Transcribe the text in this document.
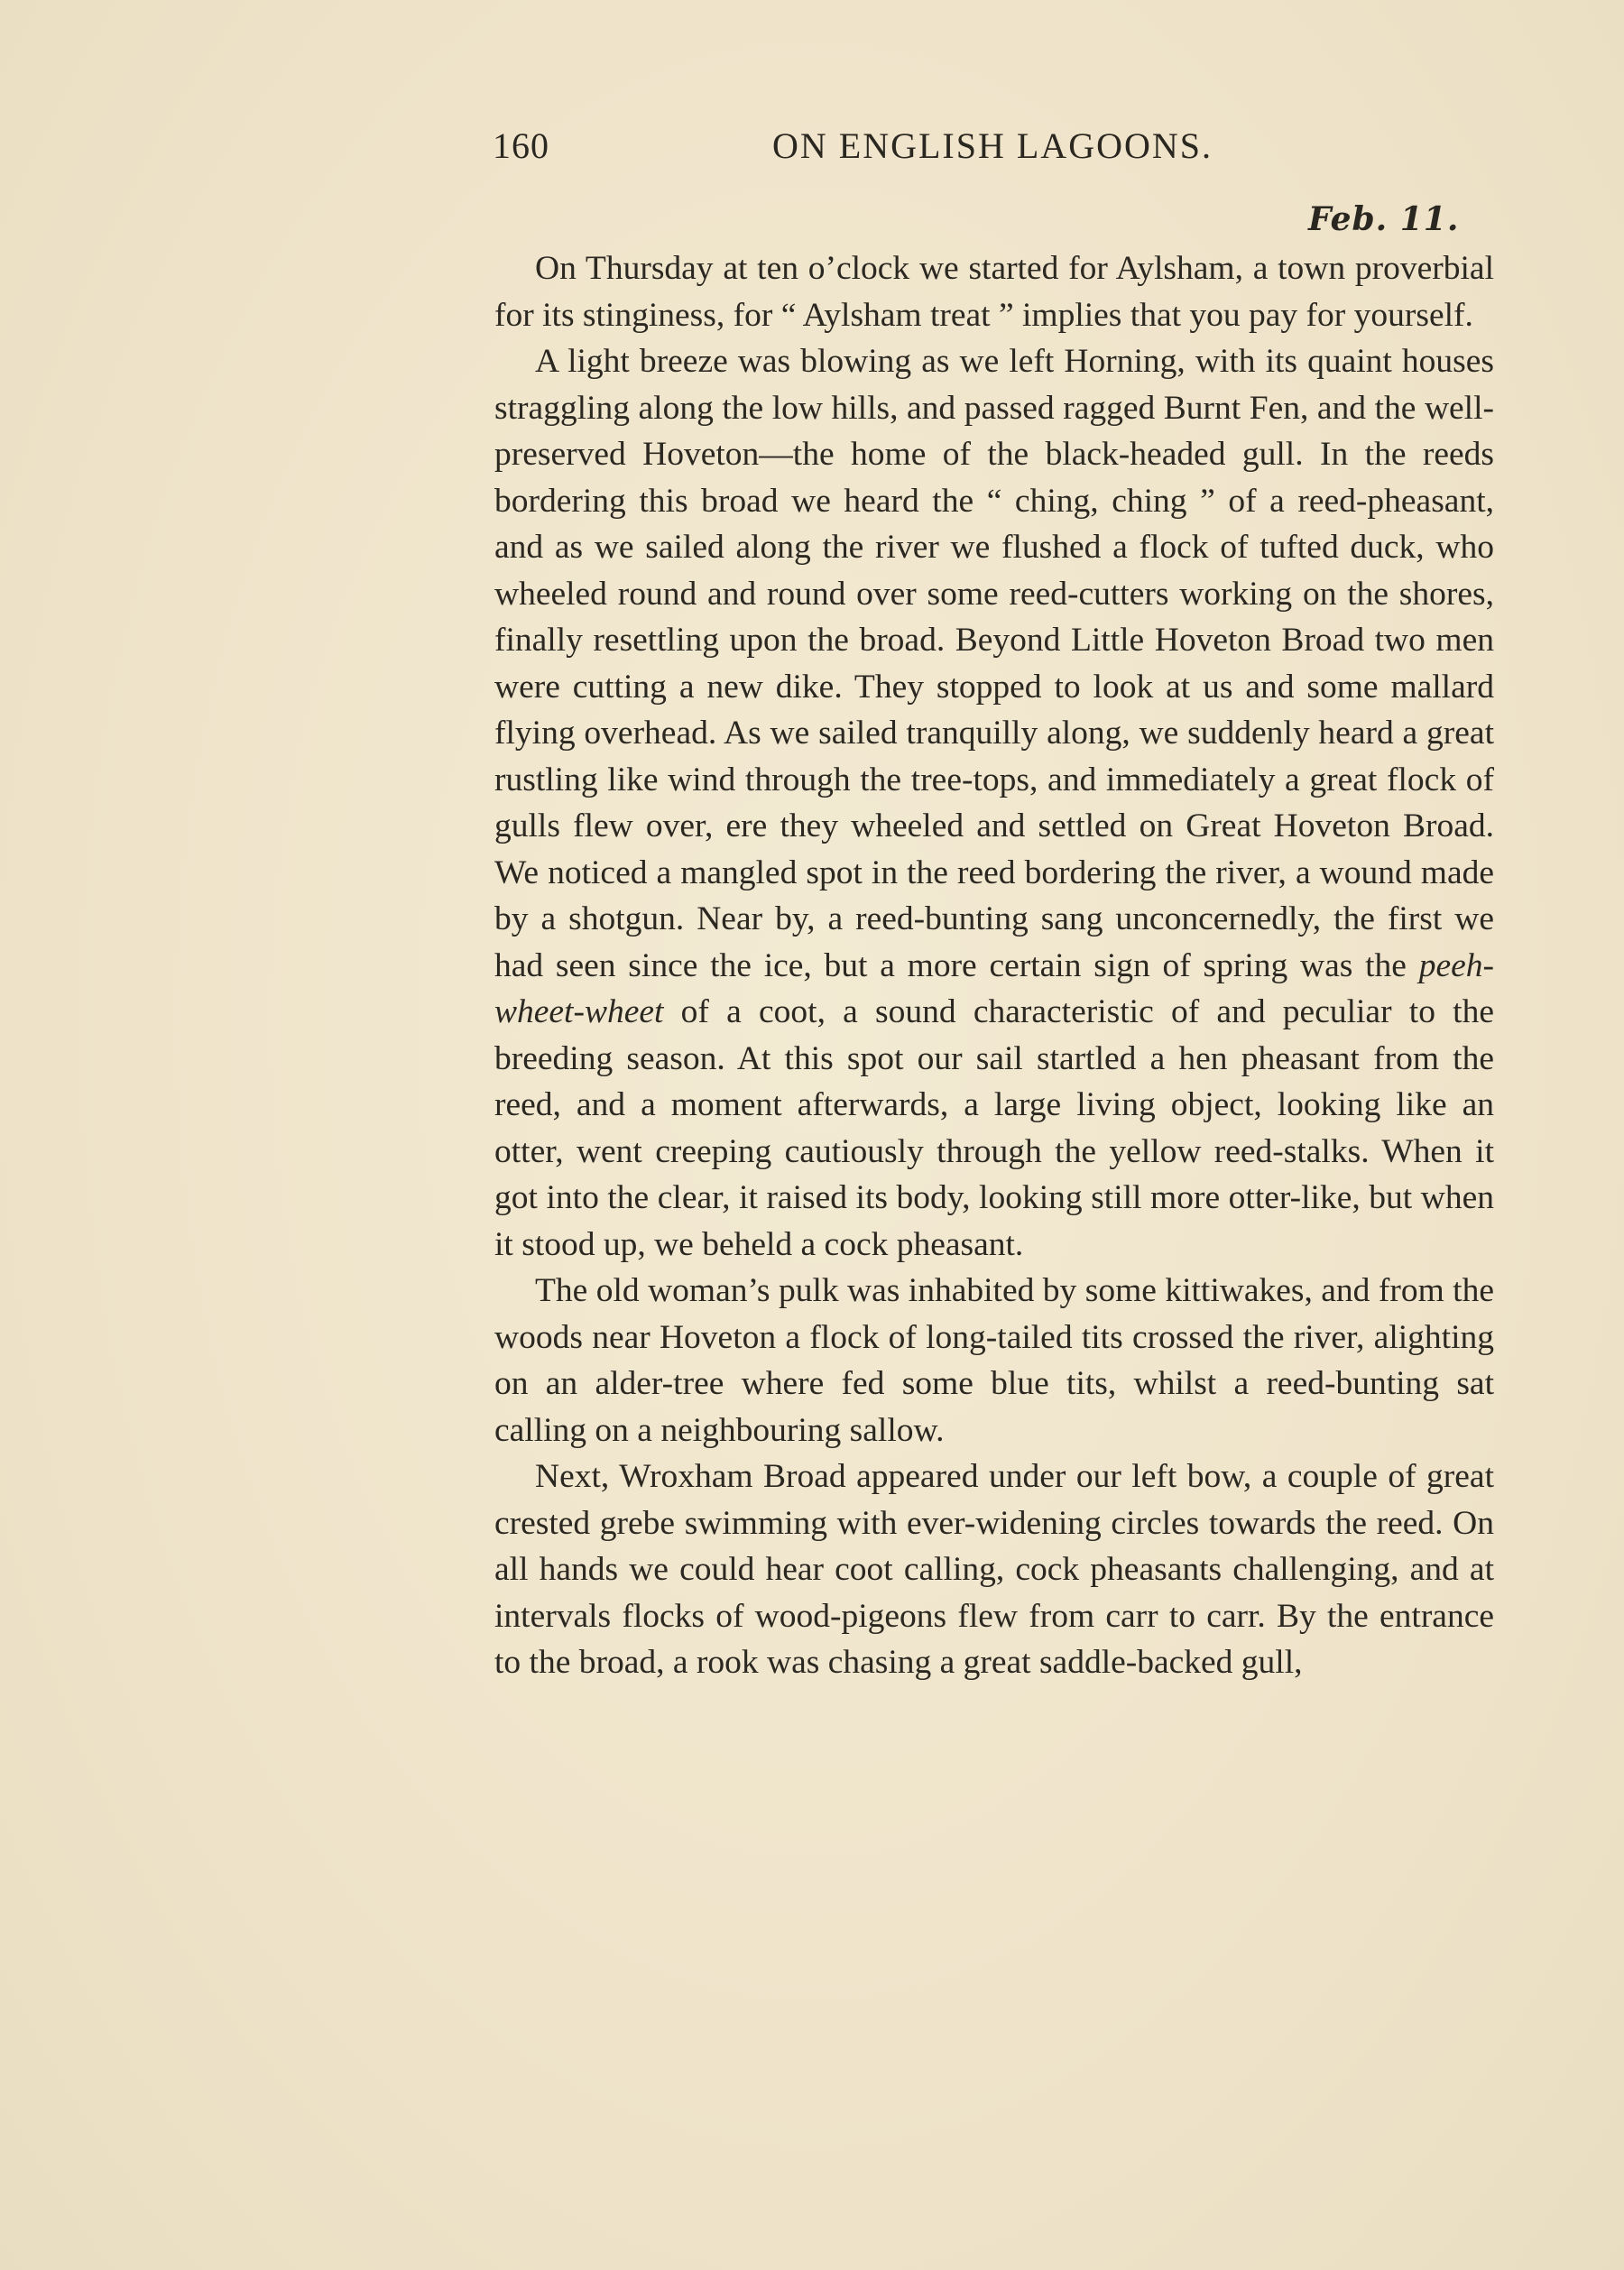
160	ON ENGLISH LAGOONS.
Feb. 11.

On Thursday at ten o’clock we started for Aylsham, a town proverbial for its stinginess, for “ Aylsham treat ” implies that you pay for yourself.

A light breeze was blowing as we left Horning, with its quaint houses straggling along the low hills, and passed ragged Burnt Fen, and the well-preserved Hoveton—the home of the black-headed gull. In the reeds bordering this broad we heard the “ ching, ching ” of a reed-pheasant, and as we sailed along the river we flushed a flock of tufted duck, who wheeled round and round over some reed-cutters working on the shores, finally resettling upon the broad. Beyond Little Hoveton Broad two men were cutting a new dike. They stopped to look at us and some mallard flying overhead. As we sailed tranquilly along, we suddenly heard a great rustling like wind through the tree-tops, and immediately a great flock of gulls flew over, ere they wheeled and settled on Great Hoveton Broad. We noticed a mangled spot in the reed bordering the river, a wound made by a shotgun. Near by, a reed-bunting sang unconcernedly, the first we had seen since the ice, but a more certain sign of spring was the peeh-wheet-wheet of a coot, a sound characteristic of and peculiar to the breeding season. At this spot our sail startled a hen pheasant from the reed, and a moment afterwards, a large living object, looking like an otter, went creeping cautiously through the yellow reed-stalks. When it got into the clear, it raised its body, looking still more otter-like, but when it stood up, we beheld a cock pheasant.

The old woman’s pulk was inhabited by some kittiwakes, and from the woods near Hoveton a flock of long-tailed tits crossed the river, alighting on an alder-tree where fed some blue tits, whilst a reed-bunting sat calling on a neighbouring sallow.

Next, Wroxham Broad appeared under our left bow, a couple of great crested grebe swimming with ever-widening circles towards the reed. On all hands we could hear coot calling, cock pheasants challenging, and at intervals flocks of wood-pigeons flew from carr to carr. By the entrance to the broad, a rook was chasing a great saddle-backed gull,
